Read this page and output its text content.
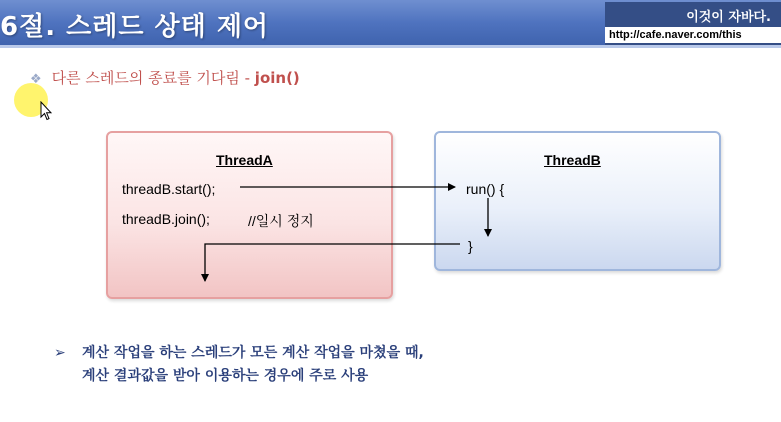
6절. 스레드 상태 제어	이것이 자바다.
http://cafe.naver.com/this
❖ 다른 스레드의 종료를 기다림 - join()
ThreadA
threadB.start();
threadB.join();	//일시 정지
ThreadB
run() {
}
➢	계산 작업을 하는 스레드가 모든 계산 작업을 마쳤을 때,
계산 결과값을 받아 이용하는 경우에 주로 사용
